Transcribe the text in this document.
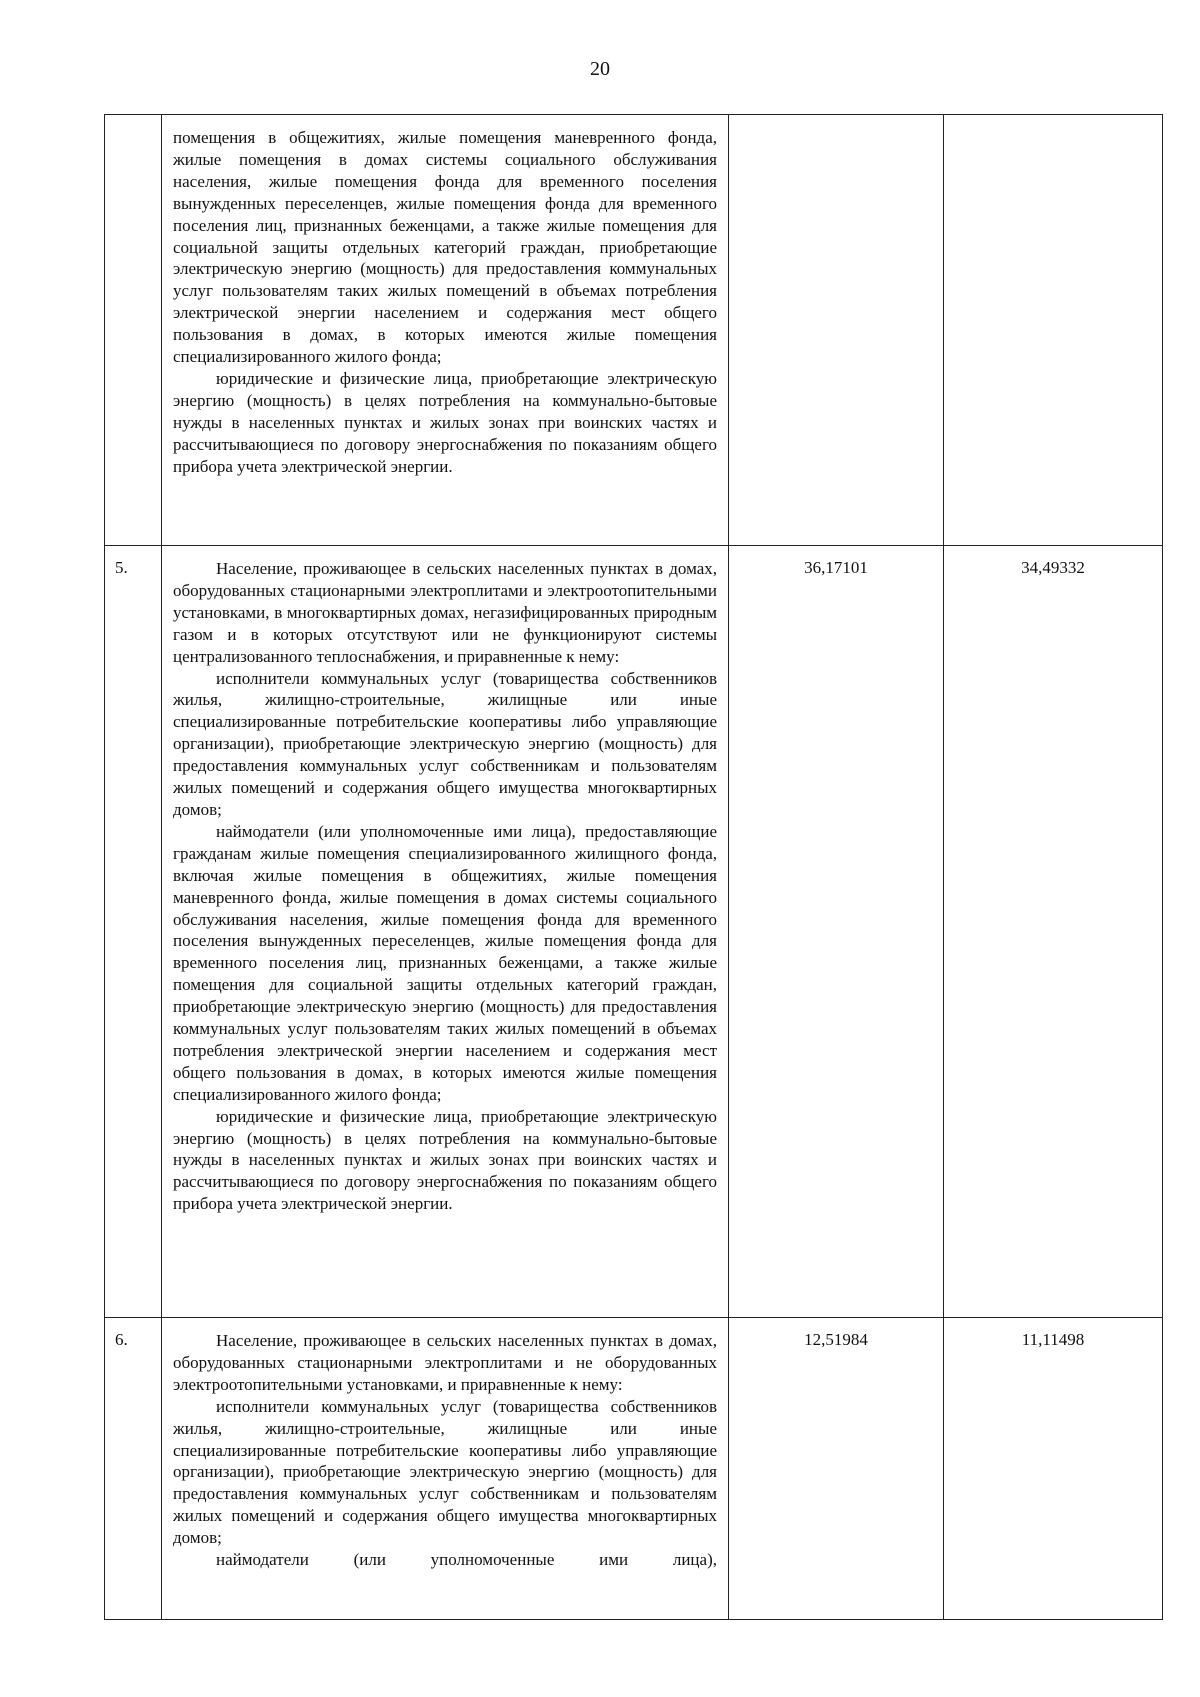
20

	помещения в общежитиях, жилые помещения маневренного фонда, жилые помещения в домах системы социального обслуживания населения, жилые помещения фонда для временного поселения вынужденных переселенцев, жилые помещения фонда для временного поселения лиц, признанных беженцами, а также жилые помещения для социальной защиты отдельных категорий граждан, приобретающие электрическую энергию (мощность) для предоставления коммунальных услуг пользователям таких жилых помещений в объемах потребления электрической энергии населением и содержания мест общего пользования в домах, в которых имеются жилые помещения специализированного жилого фонда;

юридические и физические лица, приобретающие электрическую энергию (мощность) в целях потребления на коммунально-бытовые нужды в населенных пунктах и жилых зонах при воинских частях и рассчитывающиеся по договору энергоснабжения по показаниям общего прибора учета электрической энергии.		

5.	Население, проживающее в сельских населенных пунктах в домах, оборудованных стационарными электроплитами и электроотопительными установками, в многоквартирных домах, негазифицированных природным газом и в которых отсутствуют или не функционируют системы централизованного теплоснабжения, и приравненные к нему:

исполнители коммунальных услуг (товарищества собственников жилья, жилищно-строительные, жилищные или иные специализированные потребительские кооперативы либо управляющие организации), приобретающие электрическую энергию (мощность) для предоставления коммунальных услуг собственникам и пользователям жилых помещений и содержания общего имущества многоквартирных домов;

наймодатели (или уполномоченные ими лица), предоставляющие гражданам жилые помещения специализированного жилищного фонда, включая жилые помещения в общежитиях, жилые помещения маневренного фонда, жилые помещения в домах системы социального обслуживания населения, жилые помещения фонда для временного поселения вынужденных переселенцев, жилые помещения фонда для временного поселения лиц, признанных беженцами, а также жилые помещения для социальной защиты отдельных категорий граждан, приобретающие электрическую энергию (мощность) для предоставления коммунальных услуг пользователям таких жилых помещений в объемах потребления электрической энергии населением и содержания мест общего пользования в домах, в которых имеются жилые помещения специализированного жилого фонда;

юридические и физические лица, приобретающие электрическую энергию (мощность) в целях потребления на коммунально-бытовые нужды в населенных пунктах и жилых зонах при воинских частях и рассчитывающиеся по договору энергоснабжения по показаниям общего прибора учета электрической энергии.	36,17101	34,49332
6.	Население, проживающее в сельских населенных пунктах в домах, оборудованных стационарными электроплитами и не оборудованных электроотопительными установками, и приравненные к нему:

исполнители коммунальных услуг (товарищества собственников жилья, жилищно-строительные, жилищные или иные специализированные потребительские кооперативы либо управляющие организации), приобретающие электрическую энергию (мощность) для предоставления коммунальных услуг собственникам и пользователям жилых помещений и содержания общего имущества многоквартирных домов;

наймодатели (или уполномоченные ими лица),	12,51984	11,11498
